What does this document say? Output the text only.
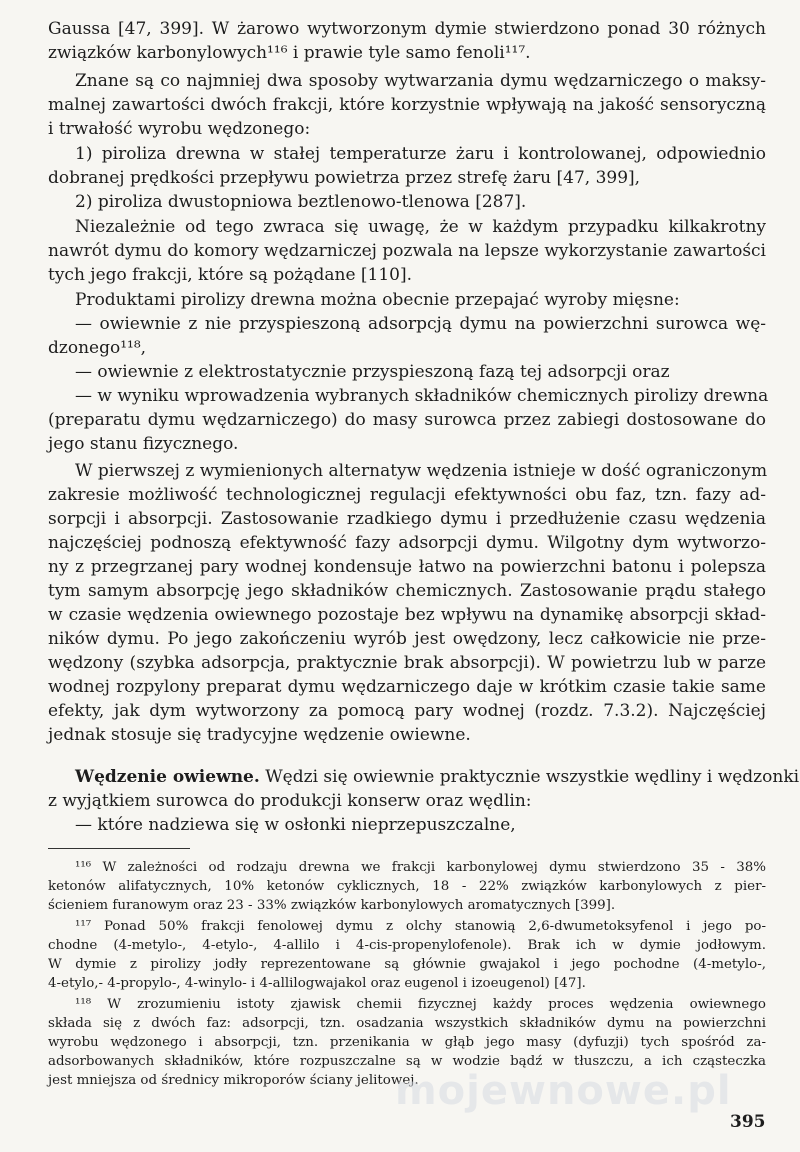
Gaussa [47, 399]. W żarowo wytworzonym dymie stwierdzono ponad 30 różnych
związków karbonylowych¹¹⁶ i prawie tyle samo fenoli¹¹⁷.
Znane są co najmniej dwa sposoby wytwarzania dymu wędzarniczego o maksy-
malnej zawartości dwóch frakcji, które korzystnie wpływają na jakość sensoryczną
i trwałość wyrobu wędzonego:
1) piroliza drewna w stałej temperaturze żaru i kontrolowanej, odpowiednio
dobranej prędkości przepływu powietrza przez strefę żaru [47, 399],
2) piroliza dwustopniowa beztlenowo-tlenowa [287].
Niezależnie od tego zwraca się uwagę, że w każdym przypadku kilkakrotny
nawrót dymu do komory wędzarniczej pozwala na lepsze wykorzystanie zawartości
tych jego frakcji, które są pożądane [110].
Produktami pirolizy drewna można obecnie przepajać wyroby mięsne:
— owiewnie z nie przyspieszoną adsorpcją dymu na powierzchni surowca wę-
dzonego¹¹⁸,
— owiewnie z elektrostatycznie przyspieszoną fazą tej adsorpcji oraz
— w wyniku wprowadzenia wybranych składników chemicznych pirolizy drewna
(preparatu dymu wędzarniczego) do masy surowca przez zabiegi dostosowane do
jego stanu fizycznego.
W pierwszej z wymienionych alternatyw wędzenia istnieje w dość ograniczonym
zakresie możliwość technologicznej regulacji efektywności obu faz, tzn. fazy ad-
sorpcji i absorpcji. Zastosowanie rzadkiego dymu i przedłużenie czasu wędzenia
najczęściej podnoszą efektywność fazy adsorpcji dymu. Wilgotny dym wytworzo-
ny z przegrzanej pary wodnej kondensuje łatwo na powierzchni batonu i polepsza
tym samym absorpcję jego składników chemicznych. Zastosowanie prądu stałego
w czasie wędzenia owiewnego pozostaje bez wpływu na dynamikę absorpcji skład-
ników dymu. Po jego zakończeniu wyrób jest owędzony, lecz całkowicie nie prze-
wędzony (szybka adsorpcja, praktycznie brak absorpcji). W powietrzu lub w parze
wodnej rozpylony preparat dymu wędzarniczego daje w krótkim czasie takie same
efekty, jak dym wytworzony za pomocą pary wodnej (rozdz. 7.3.2). Najczęściej
jednak stosuje się tradycyjne wędzenie owiewne.
Wędzenie owiewne. Wędzi się owiewnie praktycznie wszystkie wędliny i wędzonki
z wyjątkiem surowca do produkcji konserw oraz wędlin:
— które nadziewa się w osłonki nieprzepuszczalne,
¹¹⁶ W zależności od rodzaju drewna we frakcji karbonylowej dymu stwierdzono 35 - 38%
ketonów alifatycznych, 10% ketonów cyklicznych, 18 - 22% związków karbonylowych z pier-
ścieniem furanowym oraz 23 - 33% związków karbonylowych aromatycznych [399].
¹¹⁷ Ponad 50% frakcji fenolowej dymu z olchy stanowią 2,6-dwumetoksyfenol i jego po-
chodne (4-metylo-, 4-etylo-, 4-allilo i 4-cis-propenylofenole). Brak ich w dymie jodłowym.
W dymie z pirolizy jodły reprezentowane są głównie gwajakol i jego pochodne (4-metylo-,
4-etylo,- 4-propylo-, 4-winylo- i 4-allilogwajakol oraz eugenol i izoeugenol) [47].
¹¹⁸ W zrozumieniu istoty zjawisk chemii fizycznej każdy proces wędzenia owiewnego
składa się z dwóch faz: adsorpcji, tzn. osadzania wszystkich składników dymu na powierzchni
wyrobu wędzonego i absorpcji, tzn. przenikania w głąb jego masy (dyfuzji) tych spośród za-
adsorbowanych składników, które rozpuszczalne są w wodzie bądź w tłuszczu, a ich cząsteczka
jest mniejsza od średnicy mikroporów ściany jelitowej.
mojewnowe.pl
395
